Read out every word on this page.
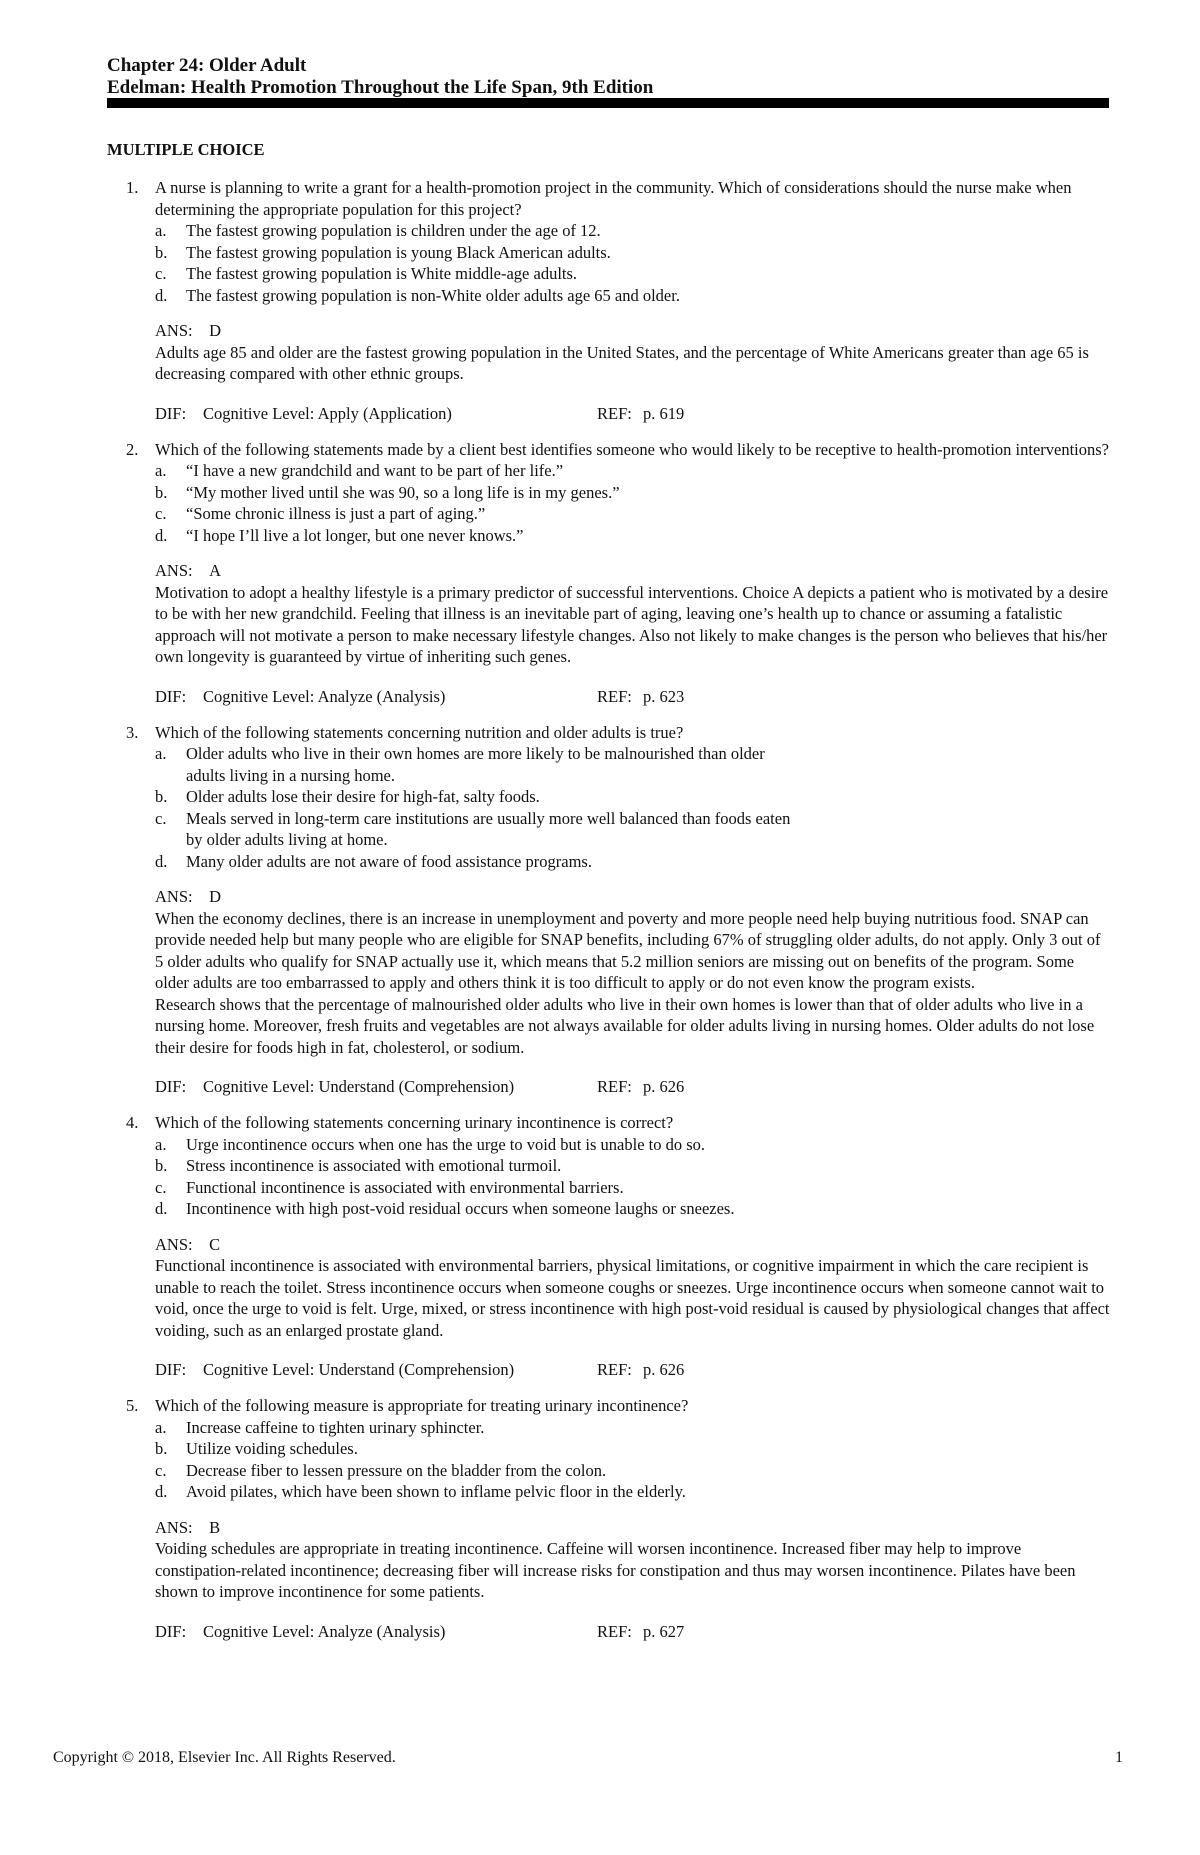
Chapter 24: Older Adult
Edelman: Health Promotion Throughout the Life Span, 9th Edition
MULTIPLE CHOICE
1. A nurse is planning to write a grant for a health-promotion project in the community. Which of considerations should the nurse make when determining the appropriate population for this project?
a. The fastest growing population is children under the age of 12.
b. The fastest growing population is young Black American adults.
c. The fastest growing population is White middle-age adults.
d. The fastest growing population is non-White older adults age 65 and older.
ANS: D

Adults age 85 and older are the fastest growing population in the United States, and the percentage of White Americans greater than age 65 is decreasing compared with other ethnic groups.

DIF: Cognitive Level: Apply (Application)	REF: p. 619
2. Which of the following statements made by a client best identifies someone who would likely to be receptive to health-promotion interventions?
a. “I have a new grandchild and want to be part of her life.”
b. “My mother lived until she was 90, so a long life is in my genes.”
c. “Some chronic illness is just a part of aging.”
d. “I hope I’ll live a lot longer, but one never knows.”
ANS: A

Motivation to adopt a healthy lifestyle is a primary predictor of successful interventions. Choice A depicts a patient who is motivated by a desire to be with her new grandchild. Feeling that illness is an inevitable part of aging, leaving one’s health up to chance or assuming a fatalistic approach will not motivate a person to make necessary lifestyle changes. Also not likely to make changes is the person who believes that his/her own longevity is guaranteed by virtue of inheriting such genes.

DIF: Cognitive Level: Analyze (Analysis)	REF: p. 623
3. Which of the following statements concerning nutrition and older adults is true?
a. Older adults who live in their own homes are more likely to be malnourished than older adults living in a nursing home.
b. Older adults lose their desire for high-fat, salty foods.
c. Meals served in long-term care institutions are usually more well balanced than foods eaten by older adults living at home.
d. Many older adults are not aware of food assistance programs.
ANS: D

When the economy declines, there is an increase in unemployment and poverty and more people need help buying nutritious food. SNAP can provide needed help but many people who are eligible for SNAP benefits, including 67% of struggling older adults, do not apply. Only 3 out of 5 older adults who qualify for SNAP actually use it, which means that 5.2 million seniors are missing out on benefits of the program. Some older adults are too embarrassed to apply and others think it is too difficult to apply or do not even know the program exists.

Research shows that the percentage of malnourished older adults who live in their own homes is lower than that of older adults who live in a nursing home. Moreover, fresh fruits and vegetables are not always available for older adults living in nursing homes. Older adults do not lose their desire for foods high in fat, cholesterol, or sodium.

DIF: Cognitive Level: Understand (Comprehension)	REF: p. 626
4. Which of the following statements concerning urinary incontinence is correct?
a. Urge incontinence occurs when one has the urge to void but is unable to do so.
b. Stress incontinence is associated with emotional turmoil.
c. Functional incontinence is associated with environmental barriers.
d. Incontinence with high post-void residual occurs when someone laughs or sneezes.
ANS: C

Functional incontinence is associated with environmental barriers, physical limitations, or cognitive impairment in which the care recipient is unable to reach the toilet. Stress incontinence occurs when someone coughs or sneezes. Urge incontinence occurs when someone cannot wait to void, once the urge to void is felt. Urge, mixed, or stress incontinence with high post-void residual is caused by physiological changes that affect voiding, such as an enlarged prostate gland.

DIF: Cognitive Level: Understand (Comprehension)	REF: p. 626
5. Which of the following measure is appropriate for treating urinary incontinence?
a. Increase caffeine to tighten urinary sphincter.
b. Utilize voiding schedules.
c. Decrease fiber to lessen pressure on the bladder from the colon.
d. Avoid pilates, which have been shown to inflame pelvic floor in the elderly.
ANS: B

Voiding schedules are appropriate in treating incontinence. Caffeine will worsen incontinence. Increased fiber may help to improve constipation-related incontinence; decreasing fiber will increase risks for constipation and thus may worsen incontinence. Pilates have been shown to improve incontinence for some patients.

DIF: Cognitive Level: Analyze (Analysis)	REF: p. 627
Copyright © 2018, Elsevier Inc. All Rights Reserved.	1
